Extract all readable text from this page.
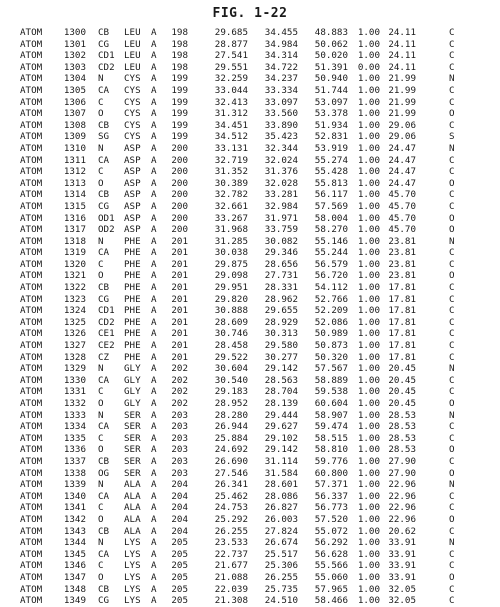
FIG. 1-22
ATOM 1300 CB LEU A	198	29.685	34.455	48.883 1.00 24.11	C
ATOM 1301 CG LEU A	198	28.877	34.984	50.062 1.00 24.11	C
ATOM 1302 CD1 LEU A	198	27.541	34.314	50.020 1.00 24.11	C
ATOM 1303 CD2 LEU A	198	29.551	34.722	51.391 0.00 24.11	C
ATOM 1304 N CYS A	199	32.259	34.237	50.940 1.00 21.99	N
ATOM 1305 CA CYS A	199	33.044	33.334	51.744 1.00 21.99	C
ATOM 1306 C CYS A	199	32.413	33.097	53.097 1.00 21.99	C
ATOM 1307 O CYS A	199	31.312	33.560	53.378 1.00 21.99	O
ATOM 1308 CB CYS A	199	34.451	33.890	51.934 1.00 29.06	C
ATOM 1309 SG CYS A	199	34.512	35.423	52.831 1.00 29.06	S
ATOM 1310 N ASP A	200	33.131	32.344	53.919 1.00 24.47	N
ATOM 1311 CA ASP A	200	32.719	32.024	55.274 1.00 24.47	C
ATOM 1312 C ASP A	200	31.352	31.376	55.428 1.00 24.47	C
ATOM 1313 O ASP A	200	30.389	32.028	55.813 1.00 24.47	O
ATOM 1314 CB ASP A	200	32.782	33.281	56.117 1.00 45.70	C
ATOM 1315 CG ASP A	200	32.661	32.984	57.569 1.00 45.70	C
ATOM 1316 OD1 ASP A	200	33.267	31.971	58.004 1.00 45.70	O
ATOM 1317 OD2 ASP A	200	31.968	33.759	58.270 1.00 45.70	O
ATOM 1318 N PHE A	201	31.285	30.082	55.146 1.00 23.81	N
ATOM 1319 CA PHE A	201	30.038	29.346	55.244 1.00 23.81	C
ATOM 1320 C PHE A	201	29.875	28.656	56.579 1.00 23.81	C
ATOM 1321 O PHE A	201	29.098	27.731	56.720 1.00 23.81	O
ATOM 1322 CB PHE A	201	29.951	28.331	54.112 1.00 17.81	C
ATOM 1323 CG PHE A	201	29.820	28.962	52.766 1.00 17.81	C
ATOM 1324 CD1 PHE A	201	30.888	29.655	52.209 1.00 17.81	C
ATOM 1325 CD2 PHE A	201	28.609	28.929	52.086 1.00 17.81	C
ATOM 1326 CE1 PHE A	201	30.746	30.313	50.989 1.00 17.81	C
ATOM 1327 CE2 PHE A	201	28.458	29.580	50.873 1.00 17.81	C
ATOM 1328 CZ PHE A	201	29.522	30.277	50.320 1.00 17.81	C
ATOM 1329 N GLY A	202	30.604	29.142	57.567 1.00 20.45	N
ATOM 1330 CA GLY A	202	30.540	28.563	58.889 1.00 20.45	C
ATOM 1331 C GLY A	202	29.183	28.704	59.538 1.00 20.45	C
ATOM 1332 O GLY A	202	28.952	28.139	60.604 1.00 20.45	O
ATOM 1333 N SER A	203	28.280	29.444	58.907 1.00 28.53	N
ATOM 1334 CA SER A	203	26.944	29.627	59.474 1.00 28.53	C
ATOM 1335 C SER A	203	25.884	29.102	58.515 1.00 28.53	C
ATOM 1336 O SER A	203	24.692	29.142	58.810 1.00 28.53	O
ATOM 1337 CB SER A	203	26.690	31.114	59.776 1.00 27.90	C
ATOM 1338 OG SER A	203	27.546	31.584	60.800 1.00 27.90	O
ATOM 1339 N ALA A	204	26.341	28.601	57.371 1.00 22.96	N
ATOM 1340 CA ALA A	204	25.462	28.086	56.337 1.00 22.96	C
ATOM 1341 C ALA A	204	24.753	26.827	56.773 1.00 22.96	C
ATOM 1342 O ALA A	204	25.292	26.003	57.520 1.00 22.96	O
ATOM 1343 CB ALA A	204	26.255	27.824	55.072 1.00 20.62	C
ATOM 1344 N LYS A	205	23.533	26.674	56.292 1.00 33.91	N
ATOM 1345 CA LYS A	205	22.737	25.517	56.628 1.00 33.91	C
ATOM 1346 C LYS A	205	21.677	25.306	55.566 1.00 33.91	C
ATOM 1347 O LYS A	205	21.088	26.255	55.060 1.00 33.91	O
ATOM 1348 CB LYS A	205	22.039	25.735	57.965 1.00 32.05	C
ATOM 1349 CG LYS A	205	21.308	24.510	58.466 1.00 32.05	C
